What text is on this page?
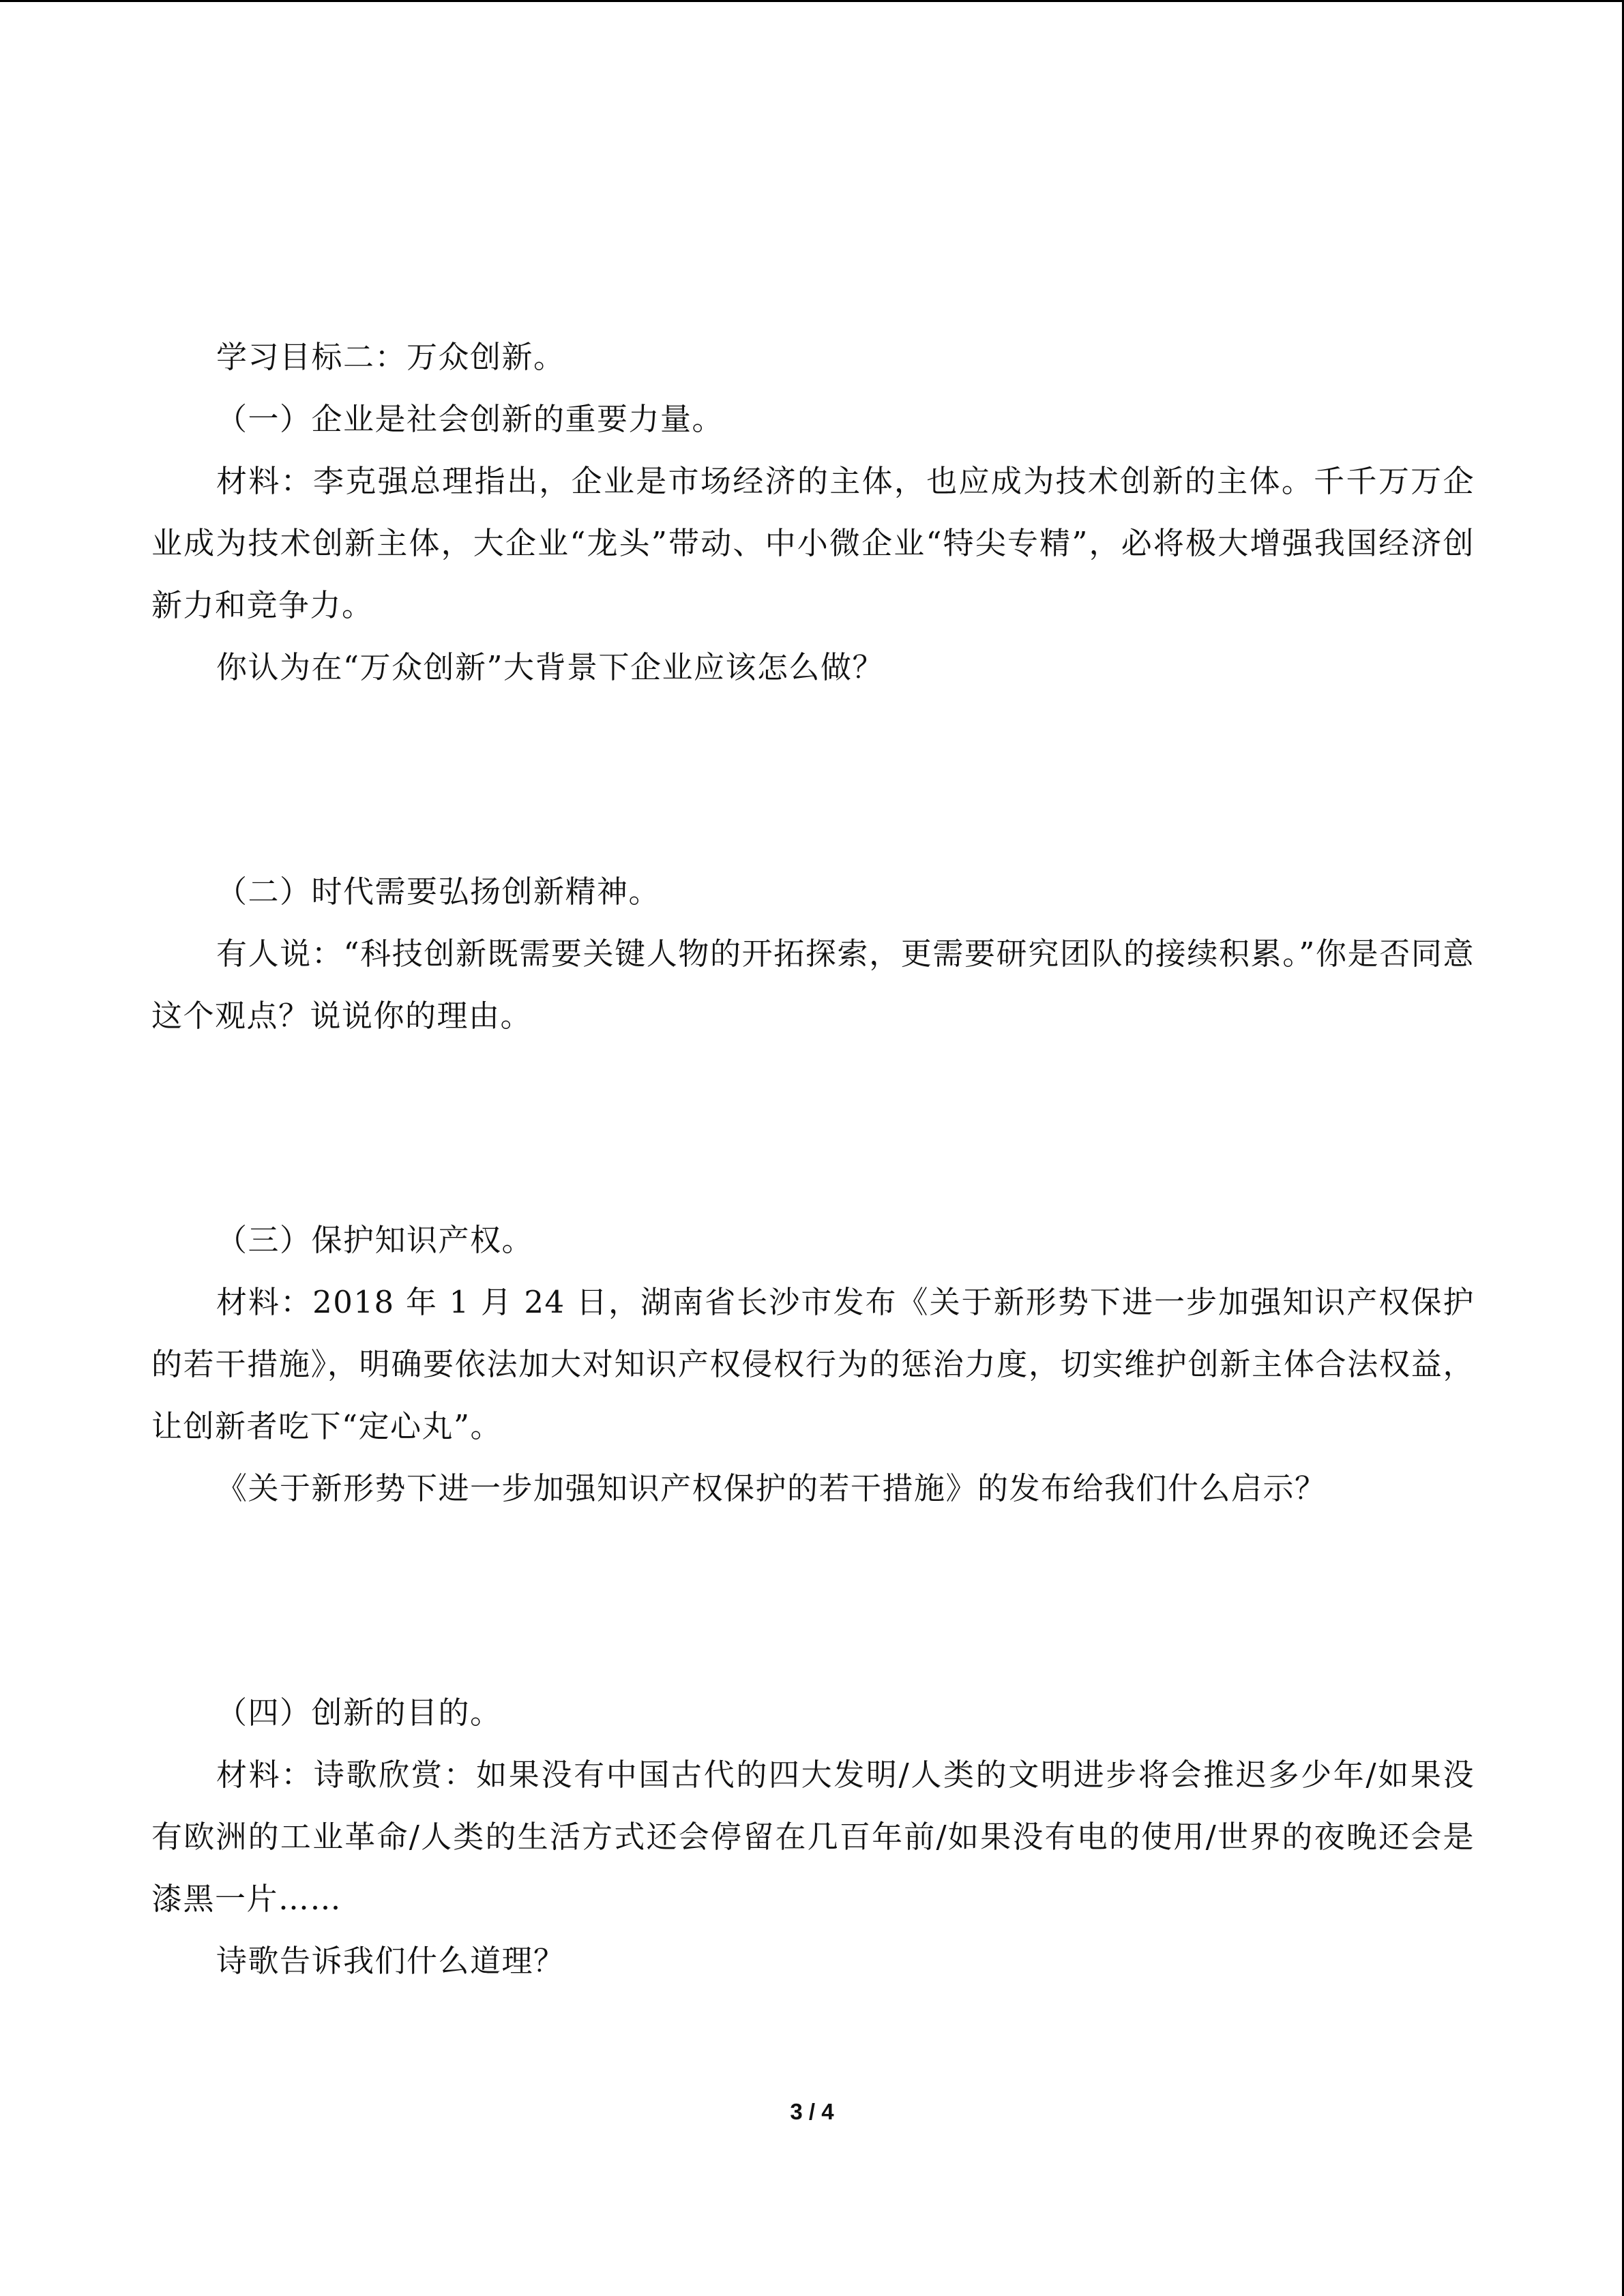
学习目标二：万众创新。

（一）企业是社会创新的重要力量。

材料：李克强总理指出，企业是市场经济的主体，也应成为技术创新的主体。千千万万企业成为技术创新主体，大企业“龙头”带动、中小微企业“特尖专精”，必将极大增强我国经济创新力和竞争力。

你认为在“万众创新”大背景下企业应该怎么做？

（二）时代需要弘扬创新精神。

有人说：“科技创新既需要关键人物的开拓探索，更需要研究团队的接续积累。”你是否同意这个观点？说说你的理由。

（三）保护知识产权。

材料：2018 年 1 月 24 日，湖南省长沙市发布《关于新形势下进一步加强知识产权保护的若干措施》，明确要依法加大对知识产权侵权行为的惩治力度，切实维护创新主体合法权益，让创新者吃下“定心丸”。

《关于新形势下进一步加强知识产权保护的若干措施》的发布给我们什么启示？

（四）创新的目的。

材料：诗歌欣赏：如果没有中国古代的四大发明/人类的文明进步将会推迟多少年/如果没有欧洲的工业革命/人类的生活方式还会停留在几百年前/如果没有电的使用/世界的夜晚还会是漆黑一片……

诗歌告诉我们什么道理？

3 / 4
